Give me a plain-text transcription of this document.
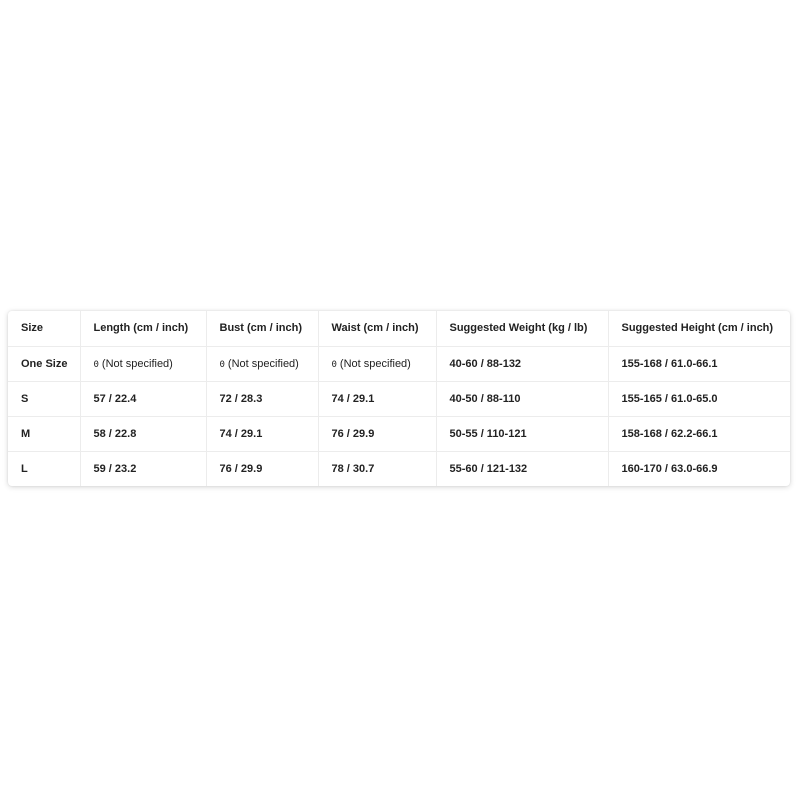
Size	Length (cm / inch)	Bust (cm / inch)	Waist (cm / inch)	Suggested Weight (kg / lb)	Suggested Height (cm / inch)
One Size	0 (Not specified)	0 (Not specified)	0 (Not specified)	40-60 / 88-132	155-168 / 61.0-66.1
S	57 / 22.4	72 / 28.3	74 / 29.1	40-50 / 88-110	155-165 / 61.0-65.0
M	58 / 22.8	74 / 29.1	76 / 29.9	50-55 / 110-121	158-168 / 62.2-66.1
L	59 / 23.2	76 / 29.9	78 / 30.7	55-60 / 121-132	160-170 / 63.0-66.9
